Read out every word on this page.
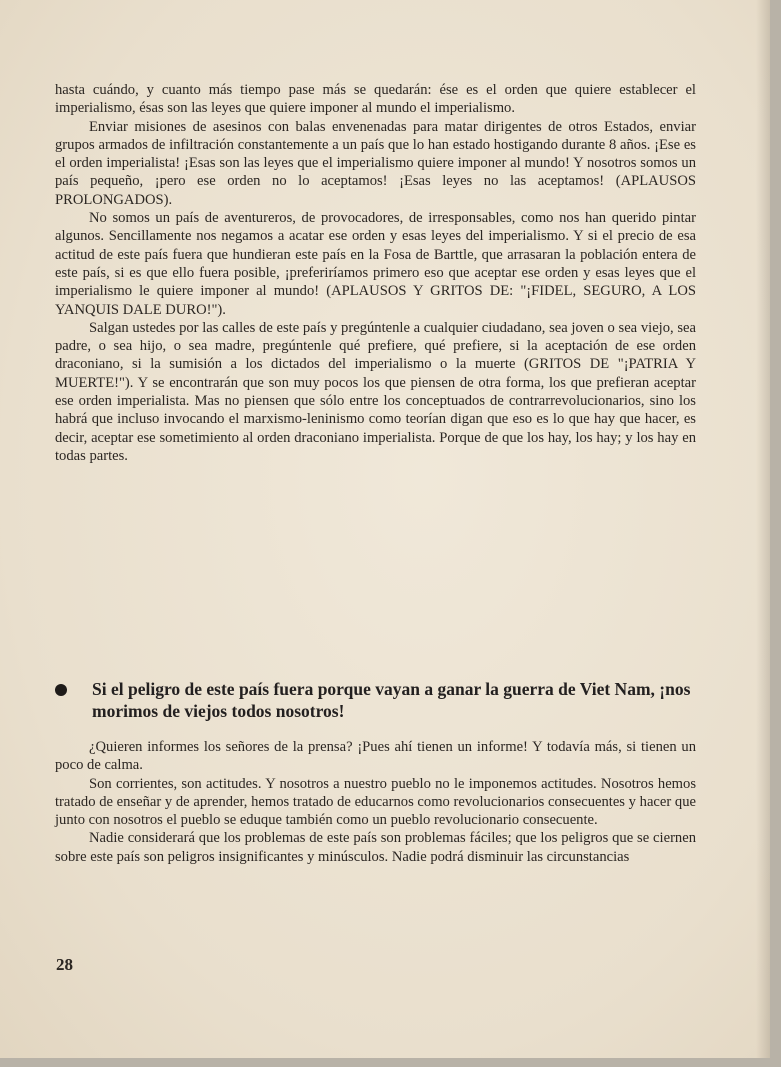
hasta cuándo, y cuanto más tiempo pase más se quedarán: ése es el orden que quiere establecer el imperialismo, ésas son las leyes que quiere imponer al mundo el imperialismo.

Enviar misiones de asesinos con balas envenenadas para matar dirigentes de otros Estados, enviar grupos armados de infiltración constantemente a un país que lo han estado hostigando durante 8 años. ¡Ese es el orden imperialista! ¡Esas son las leyes que el imperialismo quiere imponer al mundo! Y nosotros somos un país pequeño, ¡pero ese orden no lo aceptamos! ¡Esas leyes no las aceptamos! (APLAUSOS PROLONGADOS).

No somos un país de aventureros, de provocadores, de irresponsables, como nos han querido pintar algunos. Sencillamente nos negamos a acatar ese orden y esas leyes del imperialismo. Y si el precio de esa actitud de este país fuera que hundieran este país en la Fosa de Barttle, que arrasaran la población entera de este país, si es que ello fuera posible, ¡preferiríamos primero eso que aceptar ese orden y esas leyes que el imperialismo le quiere imponer al mundo! (APLAUSOS Y GRITOS DE: "¡FIDEL, SEGURO, A LOS YANQUIS DALE DURO!").

Salgan ustedes por las calles de este país y pregúntenle a cualquier ciudadano, sea joven o sea viejo, sea padre, o sea hijo, o sea madre, pregúntenle qué prefiere, qué prefiere, si la aceptación de ese orden draconiano, si la sumisión a los dictados del imperialismo o la muerte (GRITOS DE "¡PATRIA Y MUERTE!"). Y se encontrarán que son muy pocos los que piensen de otra forma, los que prefieran aceptar ese orden imperialista. Mas no piensen que sólo entre los conceptuados de contrarrevolucionarios, sino los habrá que incluso invocando el marxismo-leninismo como teorían digan que eso es lo que hay que hacer, es decir, aceptar ese sometimiento al orden draconiano imperialista. Porque de que los hay, los hay; y los hay en todas partes.

Si el peligro de este país fuera porque vayan a ganar la guerra de Viet Nam, ¡nos morimos de viejos todos nosotros!

¿Quieren informes los señores de la prensa? ¡Pues ahí tienen un informe! Y todavía más, si tienen un poco de calma.

Son corrientes, son actitudes. Y nosotros a nuestro pueblo no le imponemos actitudes. Nosotros hemos tratado de enseñar y de aprender, hemos tratado de educarnos como revolucionarios consecuentes y hacer que junto con nosotros el pueblo se eduque también como un pueblo revolucionario consecuente.

Nadie considerará que los problemas de este país son problemas fáciles; que los peligros que se ciernen sobre este país son peligros insignificantes y minúsculos. Nadie podrá disminuir las circunstancias

28
